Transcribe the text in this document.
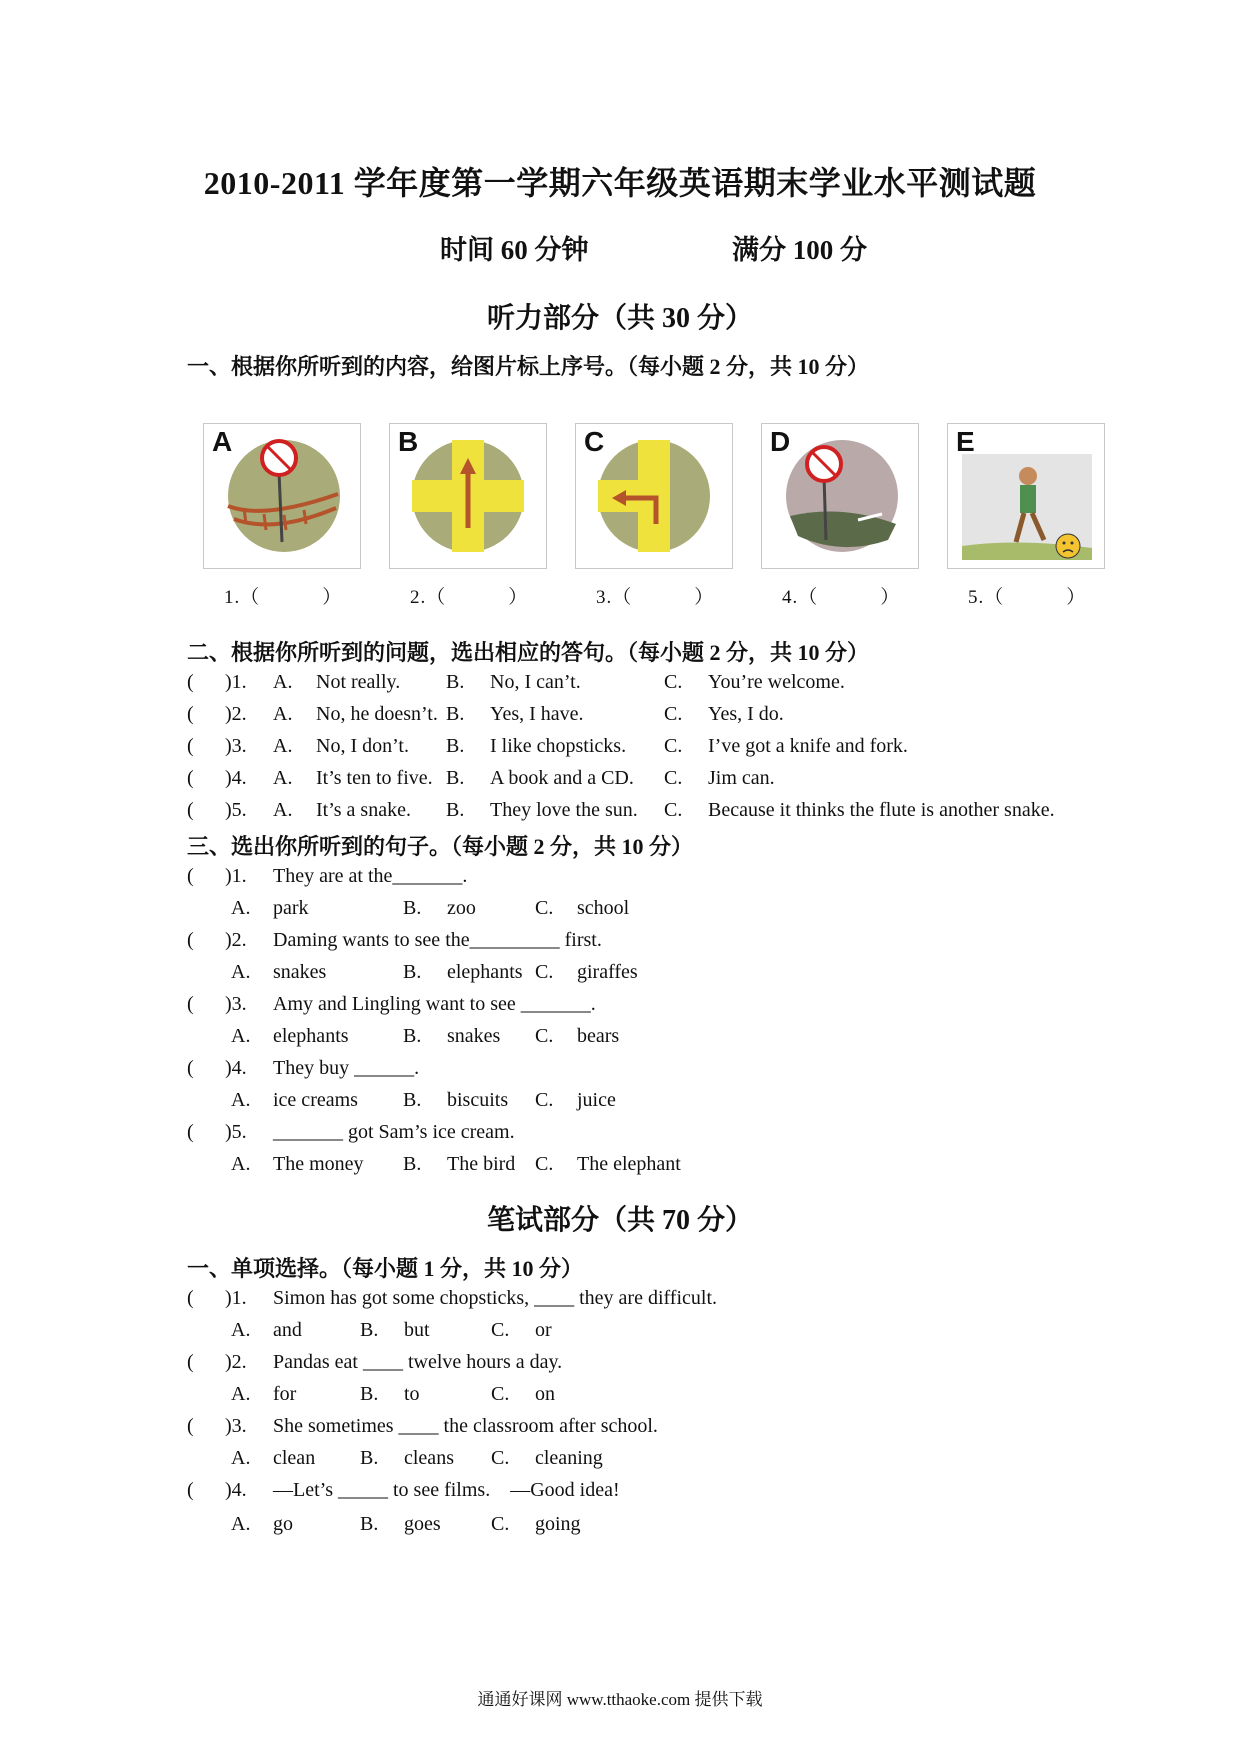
2010-2011 学年度第一学期六年级英语期末学业水平测试题
时间 60 分钟	满分 100 分
听力部分（共 30 分）
一、根据你所听到的内容，给图片标上序号。（每小题 2 分，共 10 分）
A	B	C	D	E
1.（	）	2.（	）	3.（	）	4.（	）	5.（	）
二、根据你所听到的问题，选出相应的答句。（每小题 2 分，共 10 分）
( )1. A. Not really. B. No, I can’t.	C. You’re welcome.
( )2. A. No, he doesn’t. B. Yes, I have.	C. Yes, I do.
( )3. A. No, I don’t. B. I like chopsticks. C. I’ve got a knife and fork.
( )4. A. It’s ten to five. B. A book and a CD. C. Jim can.
( )5. A. It’s a snake. B. They love the sun. C. Because it thinks the flute is another snake.
三、选出你所听到的句子。（每小题 2 分，共 10 分）
( )1. They are at the_______.
A. park	B. zoo	C. school
( )2. Daming wants to see the_________ first.
A. snakes	B. elephants C. giraffes
( )3. Amy and Lingling want to see _______.
A. elephants	B. snakes C. bears
( )4. They buy ______.
A. ice creams B. biscuits C. juice
( )5. _______ got Sam’s ice cream.
A. The money B. The bird C. The elephant
笔试部分（共 70 分）
一、单项选择。（每小题 1 分，共 10 分）
( )1. Simon has got some chopsticks, ____ they are difficult.
A. and	B. but	C. or
( )2. Pandas eat ____ twelve hours a day.
A. for	B. to	C. on
( )3. She sometimes ____ the classroom after school.
A. clean B. cleans C. cleaning
( )4. —Let’s _____ to see films.    —Good idea!
A. go	B. goes	C. going
通通好课网 www.tthaoke.com 提供下载
